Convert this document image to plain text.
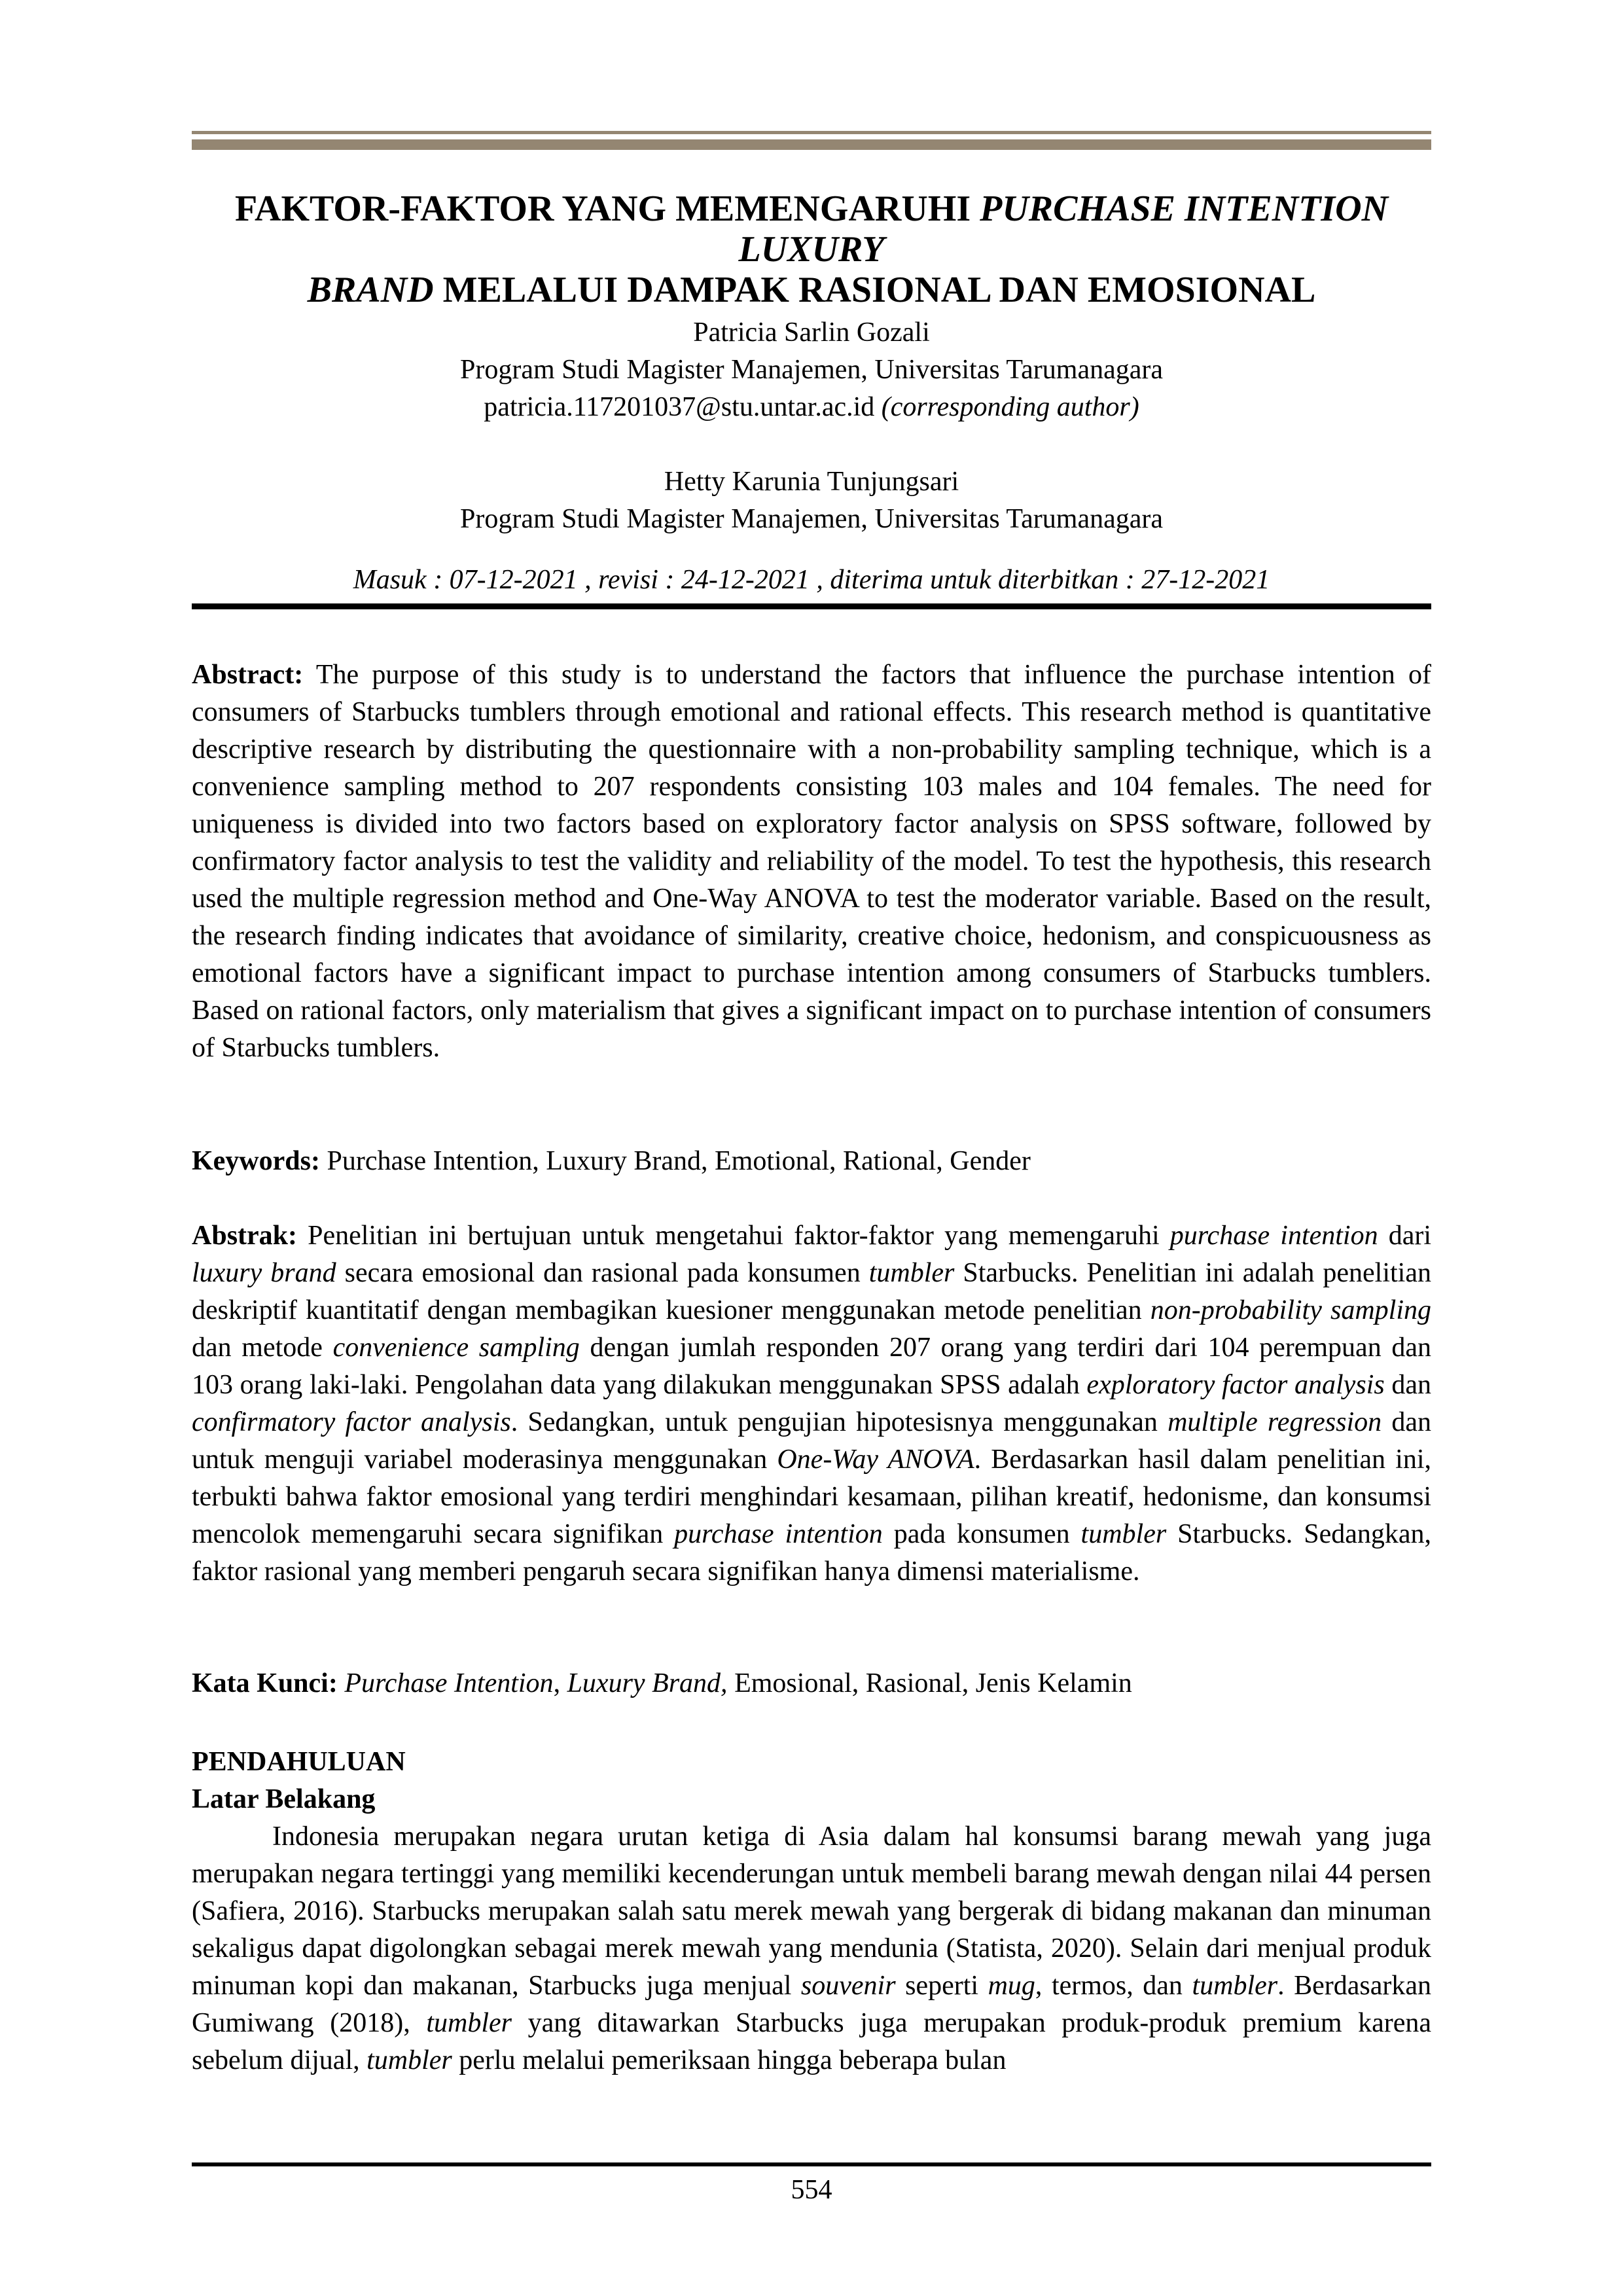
FAKTOR-FAKTOR YANG MEMENGARUHI PURCHASE INTENTION LUXURY
BRAND MELALUI DAMPAK RASIONAL DAN EMOSIONAL
Patricia Sarlin Gozali
Program Studi Magister Manajemen, Universitas Tarumanagara
patricia.117201037@stu.untar.ac.id (corresponding author)
Hetty Karunia Tunjungsari
Program Studi Magister Manajemen, Universitas Tarumanagara
Masuk : 07-12-2021 , revisi : 24-12-2021 , diterima untuk diterbitkan : 27-12-2021

Abstract: The purpose of this study is to understand the factors that influence the purchase intention of consumers of Starbucks tumblers through emotional and rational effects. This research method is quantitative descriptive research by distributing the questionnaire with a non-probability sampling technique, which is a convenience sampling method to 207 respondents consisting 103 males and 104 females. The need for uniqueness is divided into two factors based on exploratory factor analysis on SPSS software, followed by confirmatory factor analysis to test the validity and reliability of the model. To test the hypothesis, this research used the multiple regression method and One-Way ANOVA to test the moderator variable. Based on the result, the research finding indicates that avoidance of similarity, creative choice, hedonism, and conspicuousness as emotional factors have a significant impact to purchase intention among consumers of Starbucks tumblers. Based on rational factors, only materialism that gives a significant impact on to purchase intention of consumers of Starbucks tumblers.

Keywords: Purchase Intention, Luxury Brand, Emotional, Rational, Gender

Abstrak: Penelitian ini bertujuan untuk mengetahui faktor-faktor yang memengaruhi purchase intention dari luxury brand secara emosional dan rasional pada konsumen tumbler Starbucks. Penelitian ini adalah penelitian deskriptif kuantitatif dengan membagikan kuesioner menggunakan metode penelitian non-probability sampling dan metode convenience sampling dengan jumlah responden 207 orang yang terdiri dari 104 perempuan dan 103 orang laki-laki. Pengolahan data yang dilakukan menggunakan SPSS adalah exploratory factor analysis dan confirmatory factor analysis. Sedangkan, untuk pengujian hipotesisnya menggunakan multiple regression dan untuk menguji variabel moderasinya menggunakan One-Way ANOVA. Berdasarkan hasil dalam penelitian ini, terbukti bahwa faktor emosional yang terdiri menghindari kesamaan, pilihan kreatif, hedonisme, dan konsumsi mencolok memengaruhi secara signifikan purchase intention pada konsumen tumbler Starbucks. Sedangkan, faktor rasional yang memberi pengaruh secara signifikan hanya dimensi materialisme.

Kata Kunci: Purchase Intention, Luxury Brand, Emosional, Rasional, Jenis Kelamin

PENDAHULUAN
Latar Belakang

Indonesia merupakan negara urutan ketiga di Asia dalam hal konsumsi barang mewah yang juga merupakan negara tertinggi yang memiliki kecenderungan untuk membeli barang mewah dengan nilai 44 persen (Safiera, 2016). Starbucks merupakan salah satu merek mewah yang bergerak di bidang makanan dan minuman sekaligus dapat digolongkan sebagai merek mewah yang mendunia (Statista, 2020). Selain dari menjual produk minuman kopi dan makanan, Starbucks juga menjual souvenir seperti mug, termos, dan tumbler. Berdasarkan Gumiwang (2018), tumbler yang ditawarkan Starbucks juga merupakan produk-produk premium karena sebelum dijual, tumbler perlu melalui pemeriksaan hingga beberapa bulan

554
